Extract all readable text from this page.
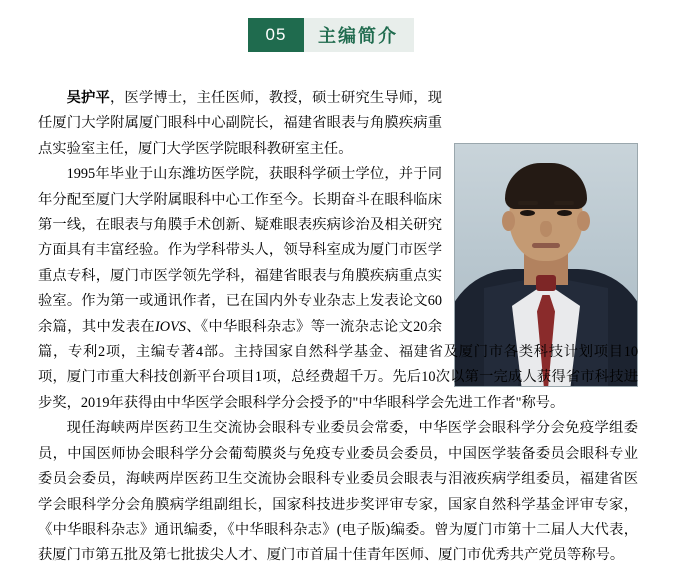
05	主编简介

吴护平，医学博士，主任医师，教授，硕士研究生导师，现任厦门大学附属厦门眼科中心副院长，福建省眼表与角膜疾病重点实验室主任，厦门大学医学院眼科教研室主任。

1995年毕业于山东潍坊医学院，获眼科学硕士学位，并于同年分配至厦门大学附属眼科中心工作至今。长期奋斗在眼科临床第一线，在眼表与角膜手术创新、疑难眼表疾病诊治及相关研究方面具有丰富经验。作为学科带头人，领导科室成为厦门市医学重点专科，厦门市医学领先学科，福建省眼表与角膜疾病重点实验室。作为第一或通讯作者，已在国内外专业杂志上发表论文60余篇，其中发表在IOVS、《中华眼科杂志》等一流杂志论文20余篇，专利2项，主编专著4部。主持国家自然科学基金、福建省及厦门市各类科技计划项目10项，厦门市重大科技创新平台项目1项，总经费超千万。先后10次以第一完成人获得省市科技进步奖，2019年获得由中华医学会眼科学分会授予的"中华眼科学会先进工作者"称号。

现任海峡两岸医药卫生交流协会眼科专业委员会常委，中华医学会眼科学分会免疫学组委员，中国医师协会眼科学分会葡萄膜炎与免疫专业委员会委员，中国医学装备委员会眼科专业委员会委员，海峡两岸医药卫生交流协会眼科专业委员会眼表与泪液疾病学组委员，福建省医学会眼科学分会角膜病学组副组长，国家科技进步奖评审专家，国家自然科学基金评审专家，《中华眼科杂志》通讯编委，《中华眼科杂志》(电子版)编委。曾为厦门市第十二届人大代表，获厦门市第五批及第七批拔尖人才、厦门市首届十佳青年医师、厦门市优秀共产党员等称号。
